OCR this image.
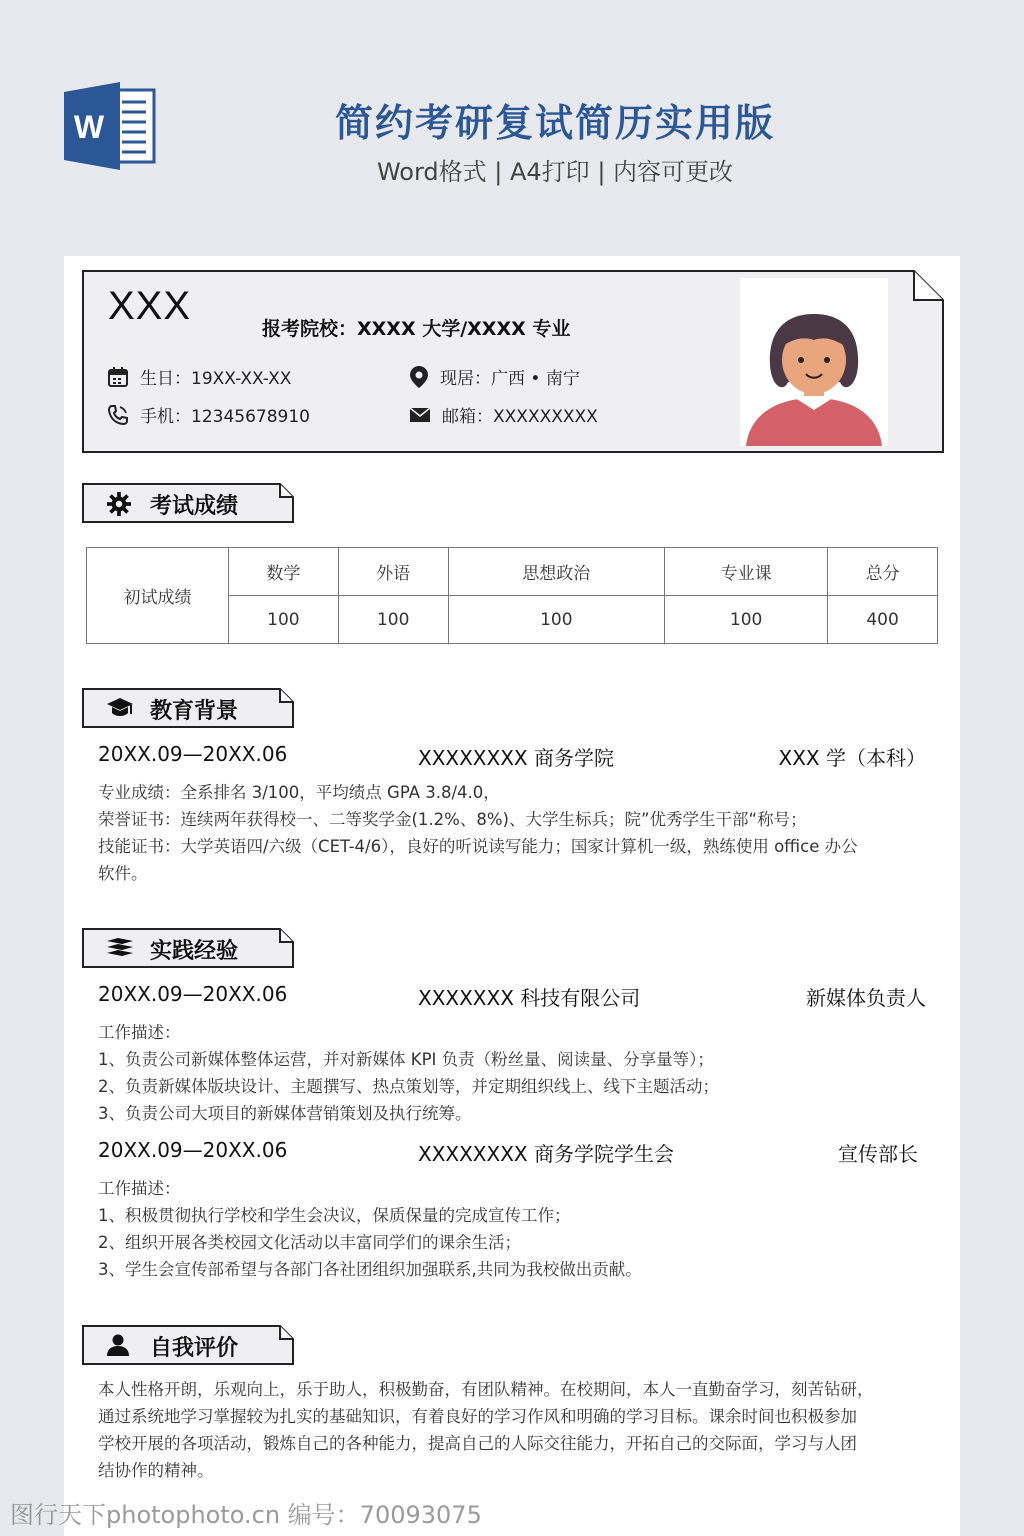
W	简约考研复试简历实用版
Word格式 | A4打印 | 内容可更改
XXX
报考院校：XXXX 大学/XXXX 专业
生日：19XX-XX-XX	现居：广西 • 南宁
手机：12345678910	邮箱：XXXXXXXXX
考试成绩
初试成绩	数学	外语	思想政治	专业课	总分
	100	100	100	100	400
教育背景
20XX.09—20XX.06	XXXXXXXX 商务学院	XXX 学（本科）

专业成绩：全系排名 3/100，平均绩点 GPA 3.8/4.0，

荣誉证书：连续两年获得校一、二等奖学金(1.2%、8%)、大学生标兵；院”优秀学生干部“称号；

技能证书：大学英语四/六级（CET-4/6），良好的听说读写能力；国家计算机一级，熟练使用 office 办公

软件。

实践经验
20XX.09—20XX.06	XXXXXXX 科技有限公司	新媒体负责人

工作描述：

1、负责公司新媒体整体运营，并对新媒体 KPI 负责（粉丝量、阅读量、分享量等）；

2、负责新媒体版块设计、主题撰写、热点策划等，并定期组织线上、线下主题活动；

3、负责公司大项目的新媒体营销策划及执行统筹。

20XX.09—20XX.06	XXXXXXXX 商务学院学生会	宣传部长

工作描述：

1、积极贯彻执行学校和学生会决议，保质保量的完成宣传工作；

2、组织开展各类校园文化活动以丰富同学们的课余生活；

3、学生会宣传部希望与各部门各社团组织加强联系,共同为我校做出贡献。

自我评价

本人性格开朗，乐观向上，乐于助人，积极勤奋，有团队精神。在校期间，本人一直勤奋学习，刻苦钻研，

通过系统地学习掌握较为扎实的基础知识，有着良好的学习作风和明确的学习目标。课余时间也积极参加

学校开展的各项活动，锻炼自己的各种能力，提高自己的人际交往能力，开拓自己的交际面，学习与人团

结协作的精神。

图行天下photophoto.cn 编号：70093075
